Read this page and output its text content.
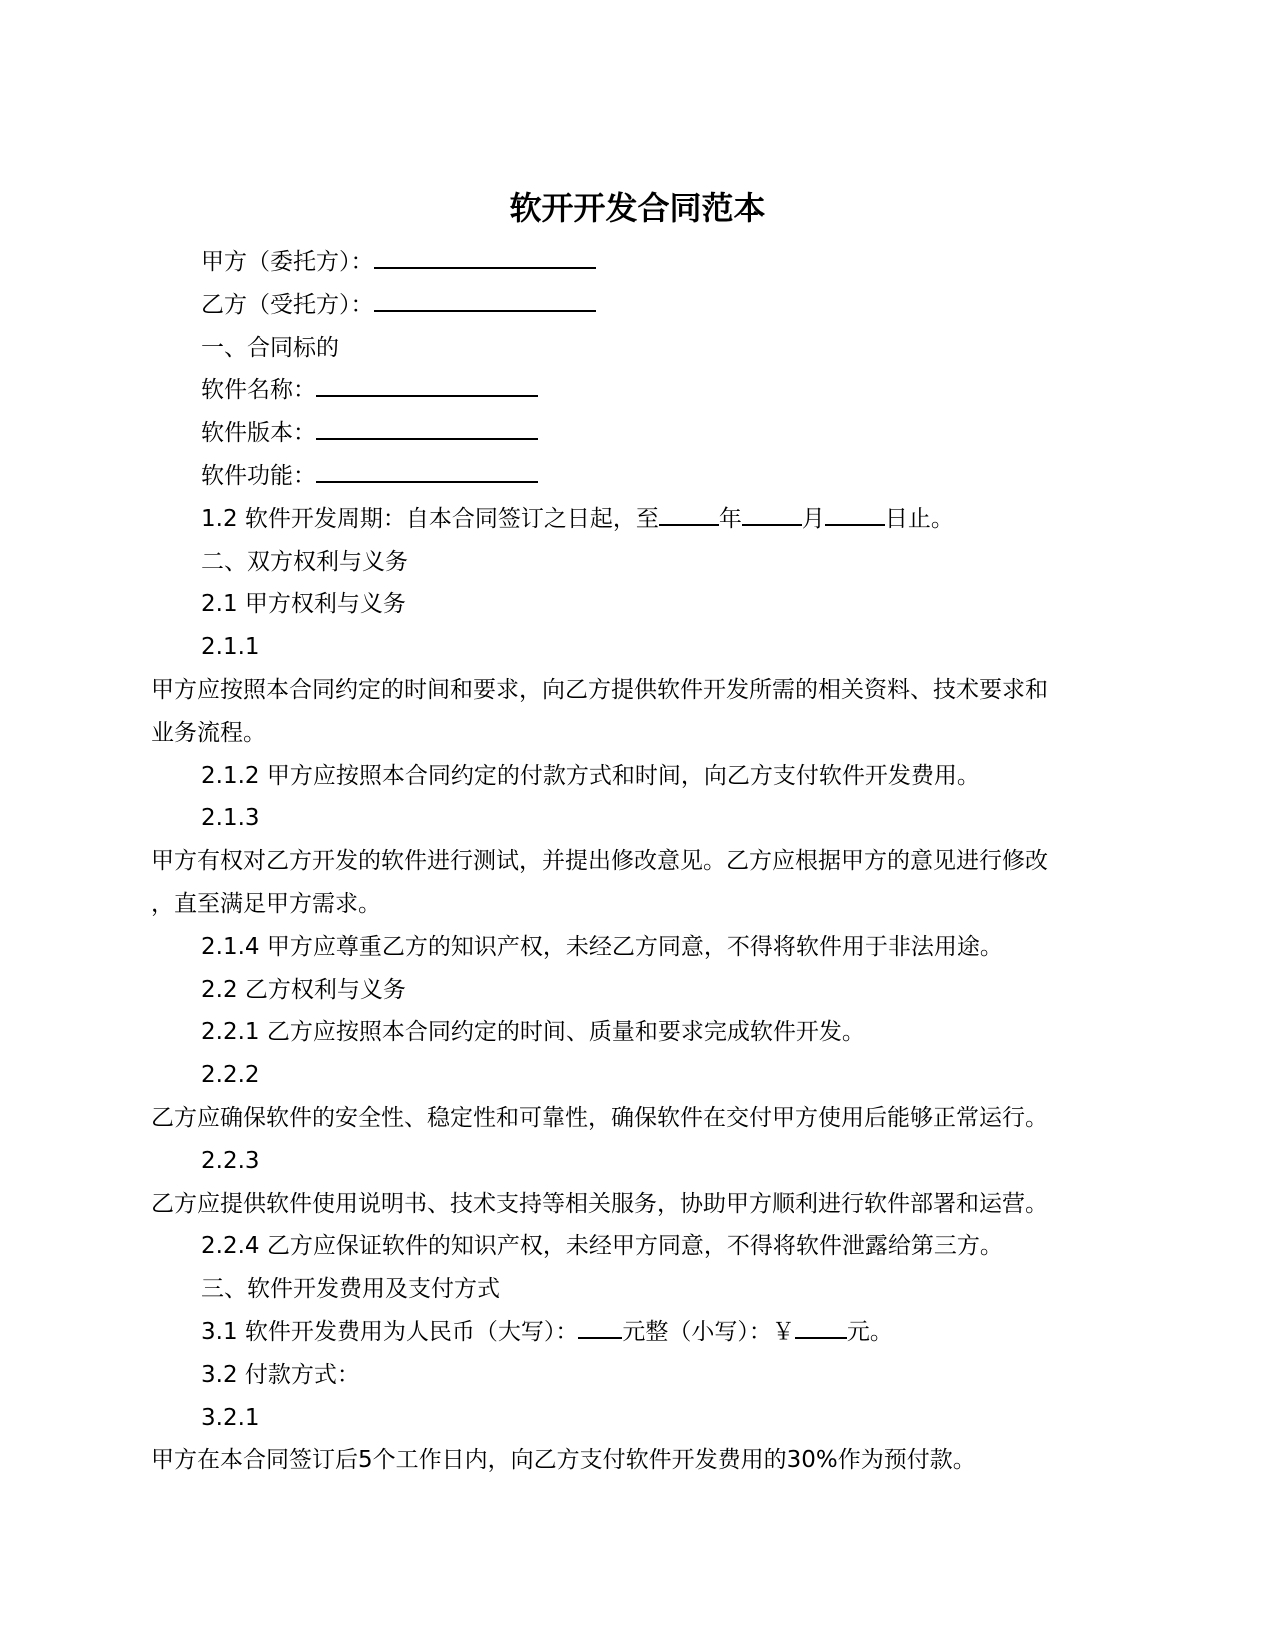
软开开发合同范本
甲方（委托方）：
乙方（受托方）：
一、合同标的
软件名称：
软件版本：
软件功能：
1.2 软件开发周期：自本合同签订之日起，至	年	月	日止。
二、双方权利与义务
2.1 甲方权利与义务
2.1.1
甲方应按照本合同约定的时间和要求，向乙方提供软件开发所需的相关资料、技术要求和
业务流程。
2.1.2 甲方应按照本合同约定的付款方式和时间，向乙方支付软件开发费用。
2.1.3
甲方有权对乙方开发的软件进行测试，并提出修改意见。乙方应根据甲方的意见进行修改
，直至满足甲方需求。
2.1.4 甲方应尊重乙方的知识产权，未经乙方同意，不得将软件用于非法用途。
2.2 乙方权利与义务
2.2.1 乙方应按照本合同约定的时间、质量和要求完成软件开发。
2.2.2
乙方应确保软件的安全性、稳定性和可靠性，确保软件在交付甲方使用后能够正常运行。
2.2.3
乙方应提供软件使用说明书、技术支持等相关服务，协助甲方顺利进行软件部署和运营。
2.2.4 乙方应保证软件的知识产权，未经甲方同意，不得将软件泄露给第三方。
三、软件开发费用及支付方式
3.1 软件开发费用为人民币（大写）： 元整（小写）：￥ 元。
3.2 付款方式：
3.2.1
甲方在本合同签订后5个工作日内，向乙方支付软件开发费用的30%作为预付款。
